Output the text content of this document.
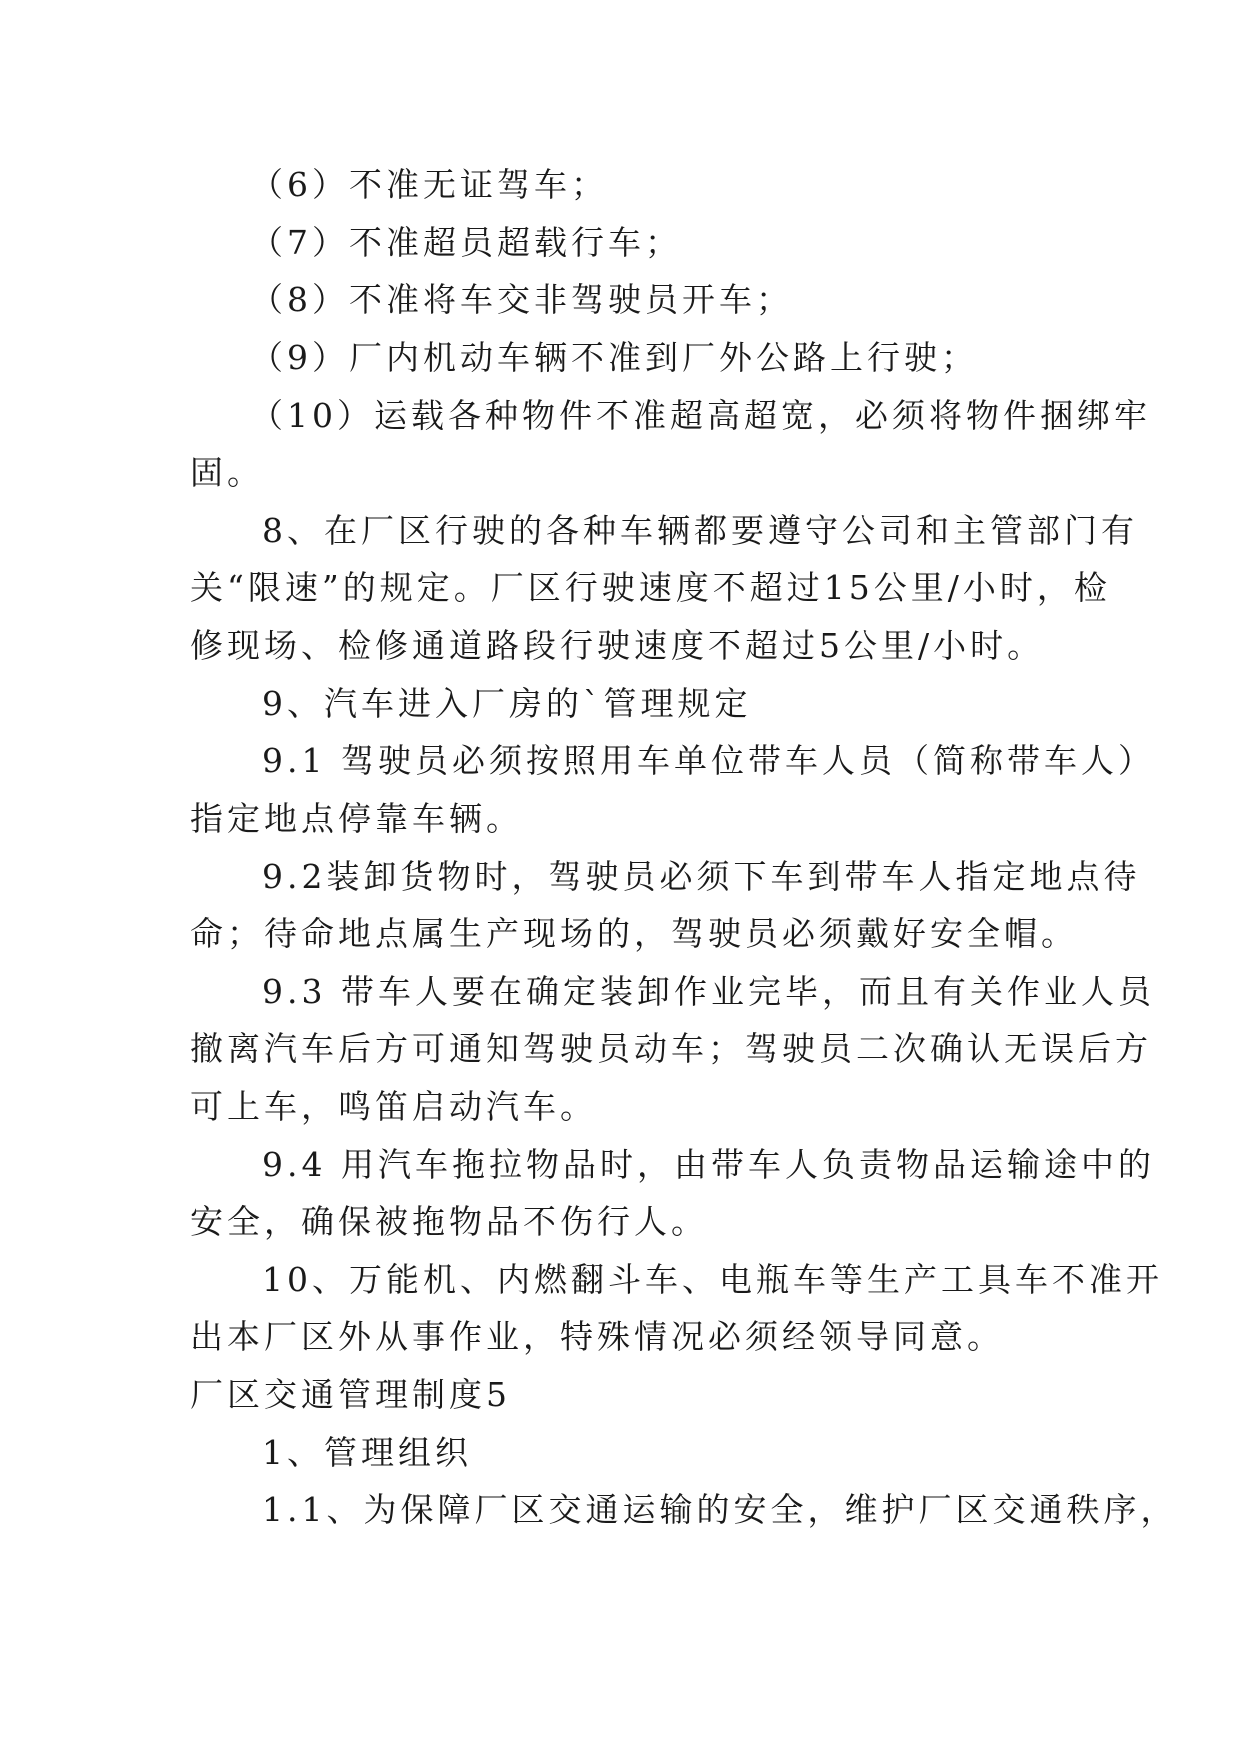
（6）不准无证驾车；
（7）不准超员超载行车；
（8）不准将车交非驾驶员开车；
（9）厂内机动车辆不准到厂外公路上行驶；
（10）运载各种物件不准超高超宽，必须将物件捆绑牢
固。
8、在厂区行驶的各种车辆都要遵守公司和主管部门有
关“限速”的规定。厂区行驶速度不超过15公里/小时，检
修现场、检修通道路段行驶速度不超过5公里/小时。
9、汽车进入厂房的`管理规定
9.1 驾驶员必须按照用车单位带车人员（简称带车人）
指定地点停靠车辆。
9.2装卸货物时，驾驶员必须下车到带车人指定地点待
命；待命地点属生产现场的，驾驶员必须戴好安全帽。
9.3 带车人要在确定装卸作业完毕，而且有关作业人员
撤离汽车后方可通知驾驶员动车；驾驶员二次确认无误后方
可上车，鸣笛启动汽车。
9.4 用汽车拖拉物品时，由带车人负责物品运输途中的
安全，确保被拖物品不伤行人。
10、万能机、内燃翻斗车、电瓶车等生产工具车不准开
出本厂区外从事作业，特殊情况必须经领导同意。
厂区交通管理制度5
1、管理组织
1.1、为保障厂区交通运输的安全，维护厂区交通秩序，
